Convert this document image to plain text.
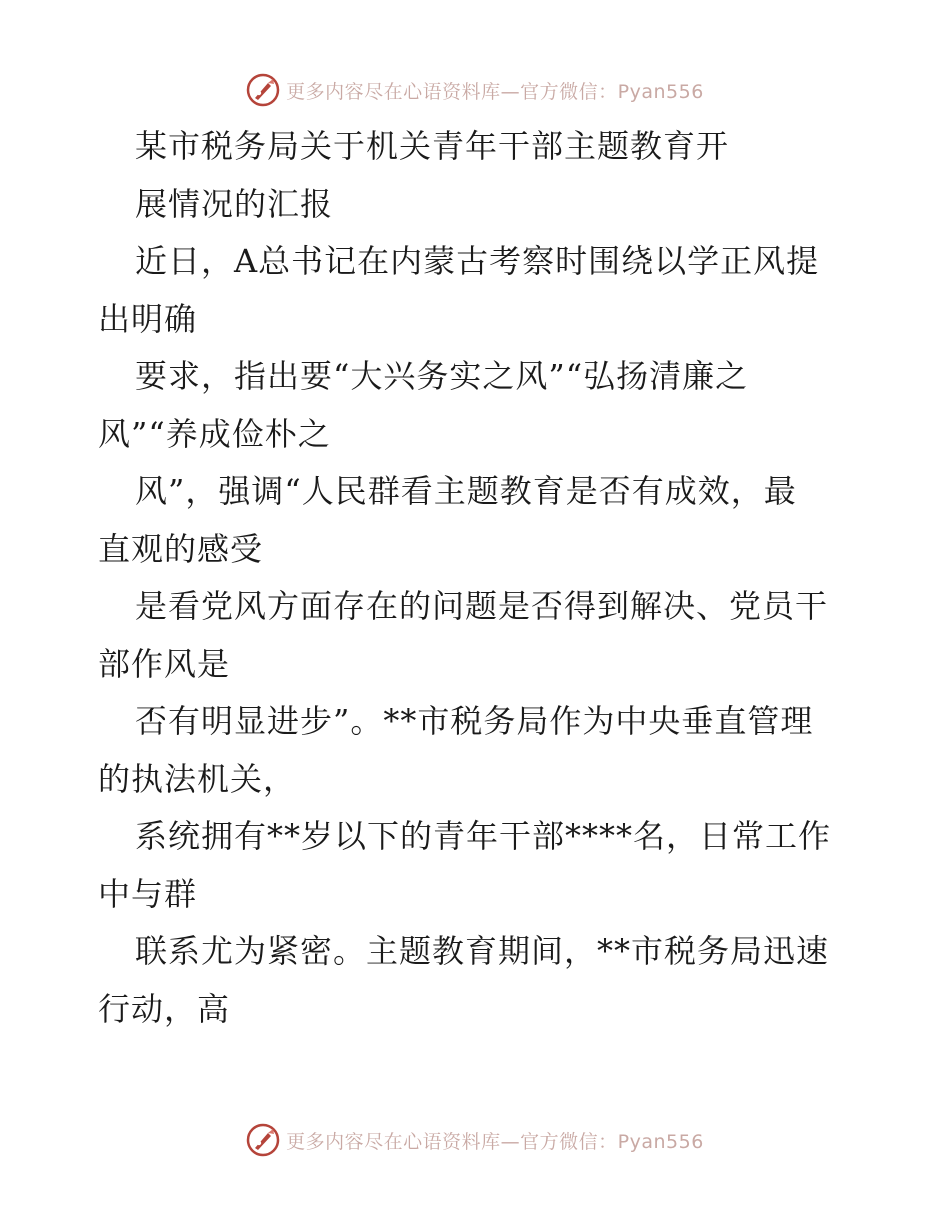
更多内容尽在心语资料库—官方微信：Pyan556
某市税务局关于机关青年干部主题教育开
展情况的汇报
近日，A总书记在内蒙古考察时围绕以学正风提
出明确
要求，指出要“大兴务实之风”“弘扬清廉之
风”“养成俭朴之
风”，强调“人民群看主题教育是否有成效，最
直观的感受
是看党风方面存在的问题是否得到解决、党员干
部作风是
否有明显进步”。**市税务局作为中央垂直管理
的执法机关，
系统拥有**岁以下的青年干部****名，日常工作
中与群
联系尤为紧密。主题教育期间，**市税务局迅速
行动，高
更多内容尽在心语资料库—官方微信：Pyan556
